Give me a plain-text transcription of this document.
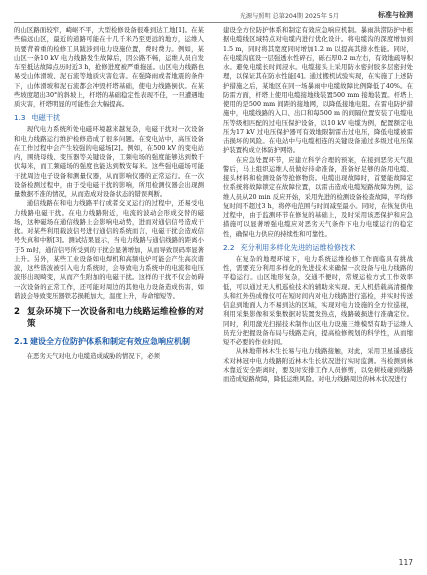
光源与照明 总第204期 2025年 5月	标准与检测

的山区路面较窄，崎岖不平，大型检修设备很难到达工地[1]。在某些偏远山区，最近的道路可能在十几千米乃至更远的地方，运维人员要背着重的检修工具跋涉到电力设施位置，费时费力。例如，某山区一条10 kV 电力线路发生故障后，因公路不畅，运维人员自发车至抵达故障点历时近3 h，抢修进度被严重拖延。山区电力线路也易受山体滑坡、泥石流等地质灾害危害。在强降雨或者地震的条件下，山体滑坡和泥石流都会冲毁杆塔基础，使电力线路倒伏。在某些坡度超出30°的斜坡上，杆塔的基础稳定性表现不佳，一旦遭遇地质灾害，杆塔明显的可能性会大幅提高。

1.3 电磁干扰

现代电力系统所处电磁环境越来越复杂，电磁干扰对一次设备和电力线路运行维护检修造成了很多问题。在变电站中，高压设备在工作过程中会产生较强的电磁场[2]。例如，在500 kV 的变电站内，围绕母线、变压器等关键设备，工频电场的强度能够达到数千伏每米，而工频磁场的强度也能达到数安每米。这些强电磁场可能干扰周边电子设备和测量仪器，从而影响仪器的正常运行。在一次设备检测过程中，由于受电磁干扰的影响，所用检测仪器会出现测量数据不准的情况，从而造成对设备状态的错误判断。

通信线路在和电力线路平行或者交叉运行的过程中，还易受电力线路电磁干扰。在电力线路附近，电流的波动会形成交替的磁场，这种磁场在通信线路上会影响电动势，进而对通信信号造成干扰。对某些利用载波信号进行通信的系统而言，电磁干扰会造成信号失真和中断[3]。测试结果显示，当电力线路与通信线路的距离小于5 m时，通信信号所受到的干扰会显著增加，从而导致误码率显著上升。另外，某些工业设备如电焊机和高频电炉可能会产生高次谐波，这些谐波被引入电力系统时，会导致电力系统中的电流和电压波形出现畸变，从而产生附加的电磁干扰。这样的干扰不仅会妨碍一次设备的正常工作，还可能对周边的其他电力设备造成伤害，如谐波会导致变压器铁芯损耗加大，温度上升，寿命缩短等。

2 复杂环境下一次设备和电力线路运维检修的对策
2.1 建设全方位防护体系和制定有效应急响应机制

在恶劣天气对电力电缆造成威胁的情况下，必须

建设全方位防护体系和制定有效应急响应机制。暴雨洪涝防护中根据电缆线区域特点对电缆内进行优化设计。将电缆沟的深度增加到1.5 m，同时将其宽度同时增加1.2 m 以提高其排水性能。同时，在电缆沟底设一层强透水性碎石，砾石厚0.2 m左右，有效地疏导积水。避免电缆长时间浸水。电缆接头上采用防水密封胶多层密封处理，以保证其在防水性能[4]。通过搬机试验实现，在实施了上述防护措施之后，某地区在同一场暴雨中电缆故障比例降低了40%。在防雷方面，杆塔上使用电缆接地线装置500 mm 接地装置。杆塔上使用的是500 mm 间距的接地网，以降低接地电阻。在雷电防护措施中，电缆线路的入口、出口和每500 m 的间隔位置安装了电缆电压等级相匹配的过电压保护设备，以10 kV 电缆为例，配置额定电压为17 kV 过电压保护器可有效地限制雷击过电压，降低电缆被雷击损坏的风险。在电站中与电缆相连的关键设备通过多级过电压保护装置构成立体防护网络。

在应急处置环节，应建立科学合理的预案，在接到恶劣天气报警后，马上组织运维人员做好待命准备，准备好足够的备用电缆、接头材料和检测设备等抢修物资。电缆出现故障时，首要能故障定位系统将故障锁定在故障位置，以雷击造成电缆短路故障为例，运维人员从20 min 反应开始，采用先进的检测设备检查故障，平均修复时间不超过3 h，将停电范围与时间减至最小。同时，在恢复供电过程中，由于监测环节在修复的基础上，及时采用该恶保护和应急措施可以显著增强电缆应对恶劣天气条件下电力电缆运行的稳定性，确保电力供应的持续性和可靠性。

2.2 充分利用多样化先进的运维检修技术

在复杂的地理环境下，电力系统运维检修工作面临具有挑战性，需要充分利用多样化的先进技术来确保一次设备与电力线路的平稳运行。山区地形复杂，交通不便时，常规运检方式工作效率低，可以通过无人机巡检技术的辅助来实现。无人机搭载高清摄像头和红外热成像仪可在短时间内对电力线路进行巡检，并实时传送信息到地面人力不易到达的区域，实现对电力设施的全方位巡视，利用采集影像和采集数据对装置发热点，线路破损进行准确定位。同时，利用激光扫描技术制作山区电力设施三维模型有助于运维人员充分把握设备布局与线路走向，提高检修规划的科学性，从而缩短不必要的作业时间。

从林地带林木生长易与电力线路接触，对此，采用卫星遥感技术对林冠中电力线路附近林木生长状况进行实时监测。当检测到林木靠近安全距离时，要及时安排工作人员修剪，以免树枝碰到线路而造成短路故障，降低运维风险。对电力线路周边的林木状况进行

117
